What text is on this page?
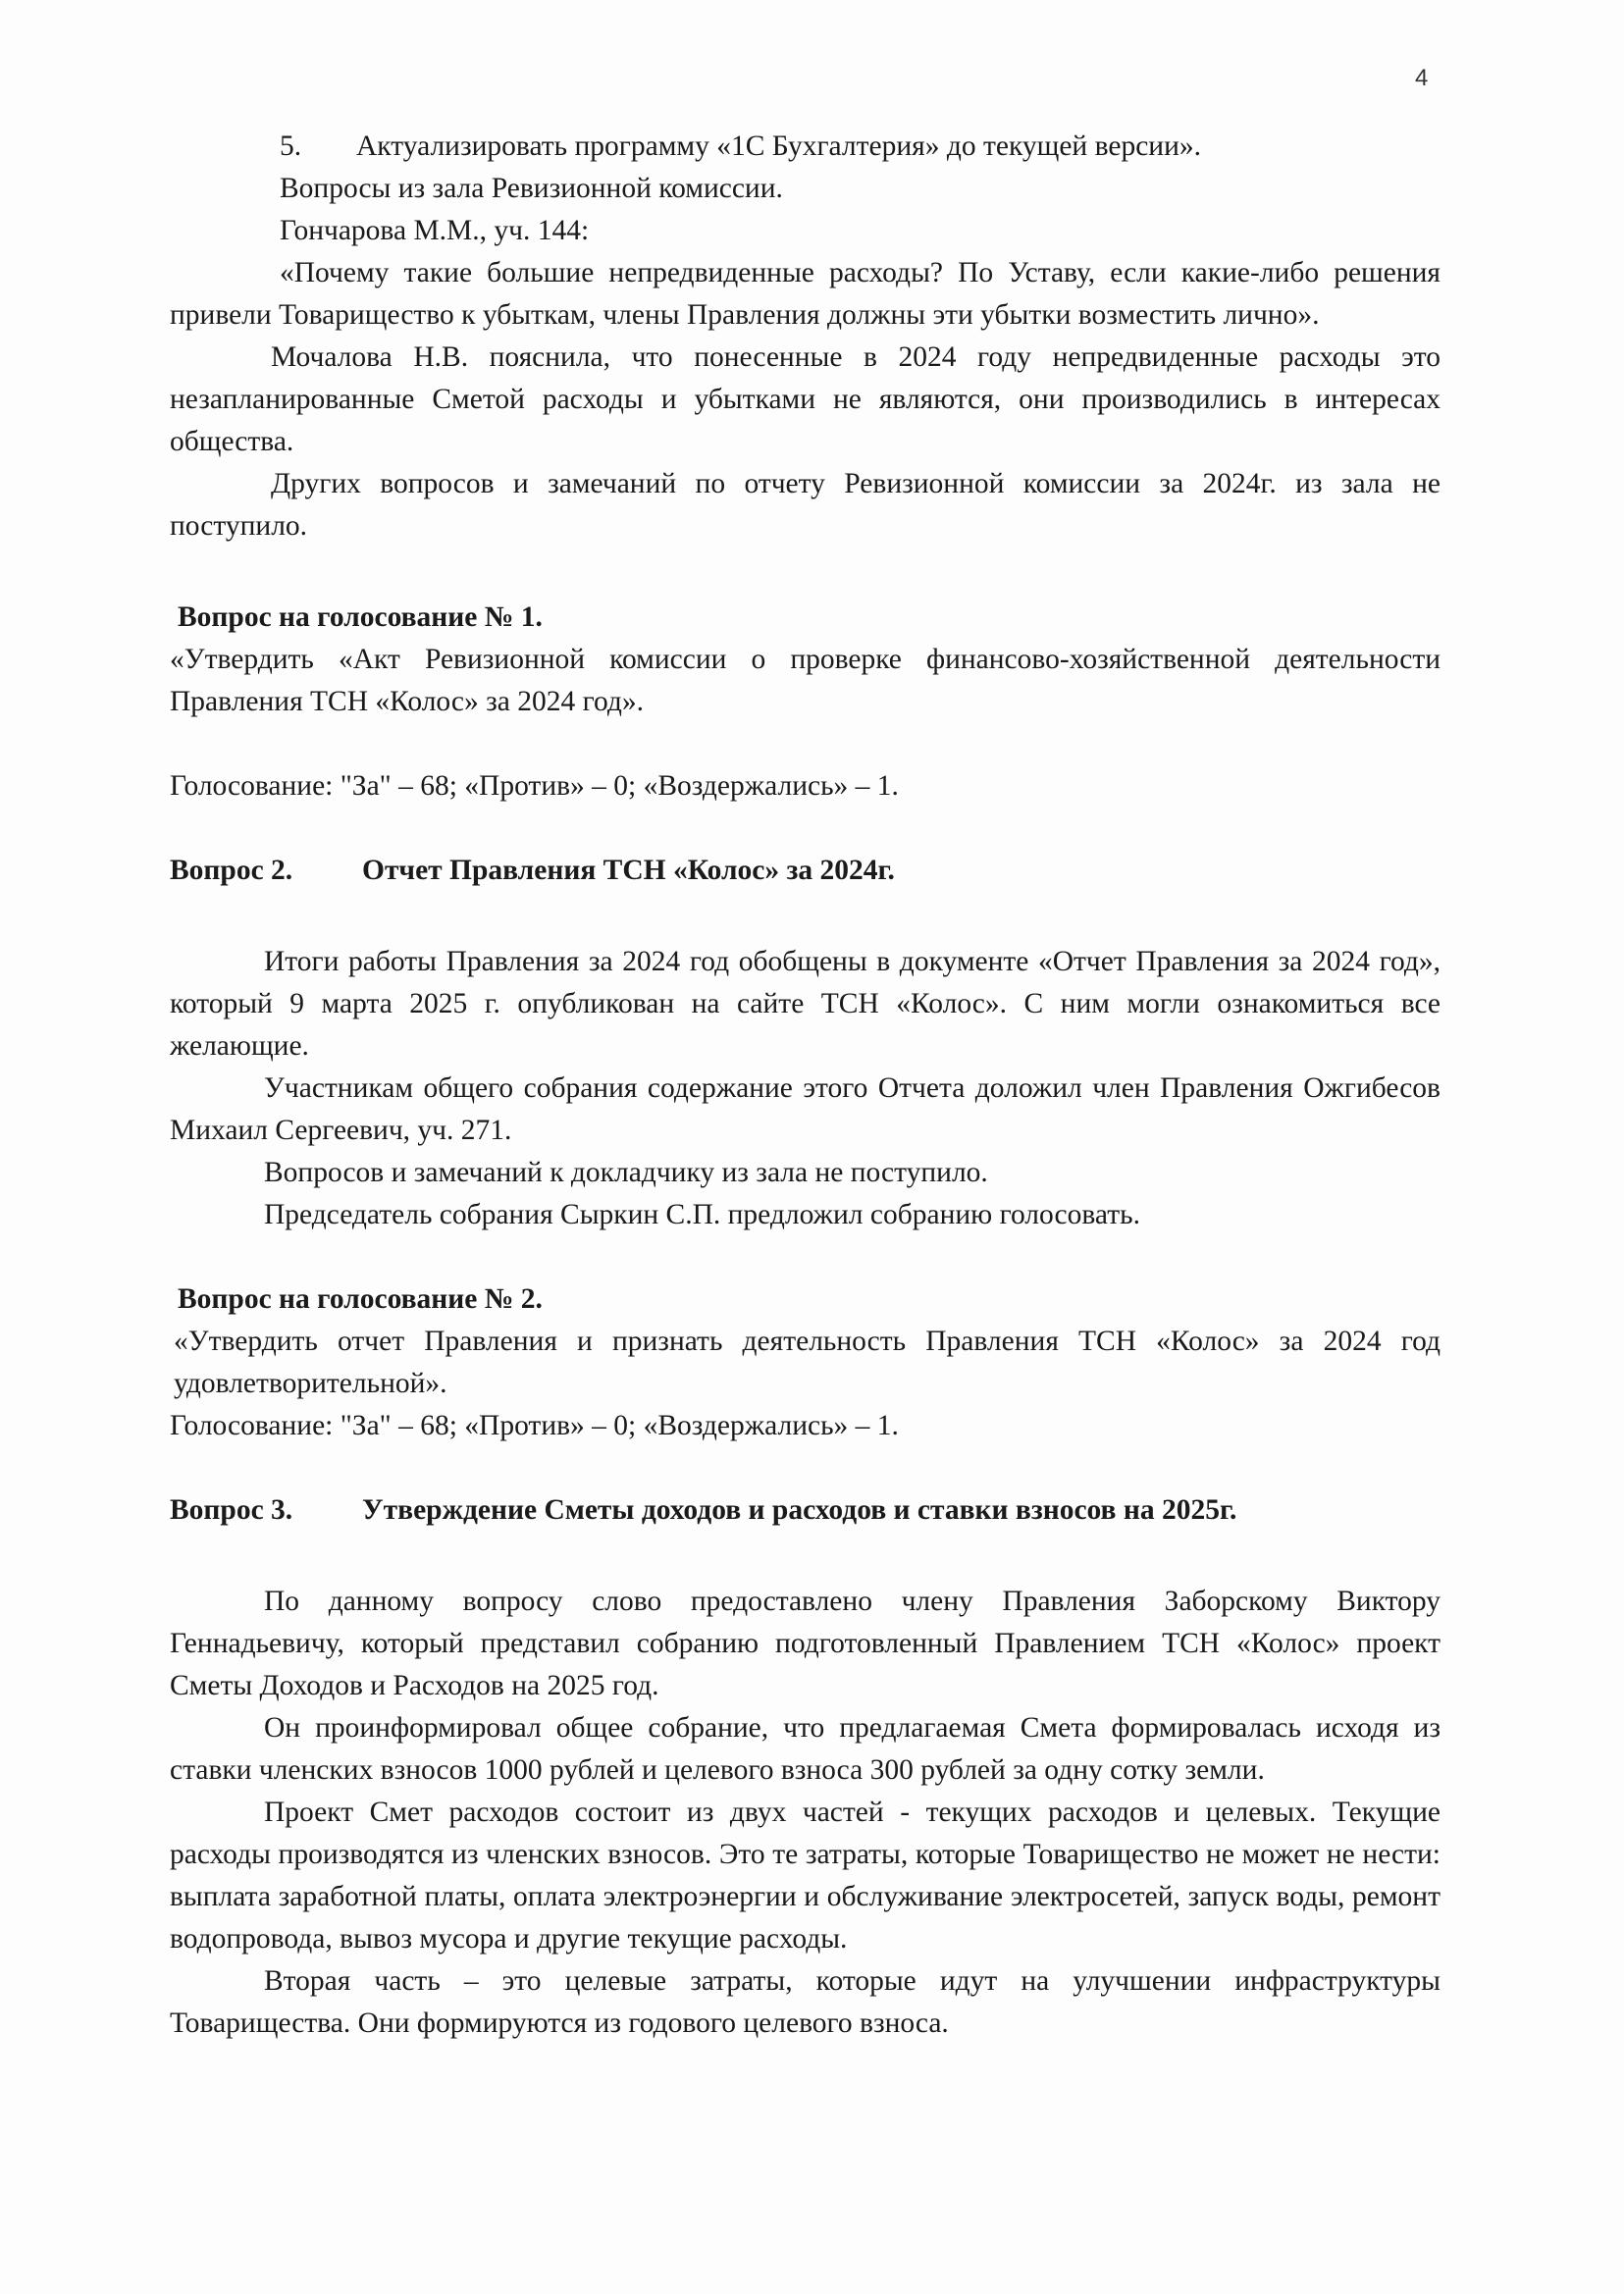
4

5. Актуализировать программу «1С Бухгалтерия» до текущей версии».

Вопросы из зала Ревизионной комиссии.

Гончарова М.М., уч. 144:

«Почему такие большие непредвиденные расходы? По Уставу, если какие-либо решения привели Товарищество к убыткам, члены Правления должны эти убытки возместить лично».

Мочалова Н.В. пояснила, что понесенные в 2024 году непредвиденные расходы это незапланированные Сметой расходы и убытками не являются, они производились в интересах общества.

Других вопросов и замечаний по отчету Ревизионной комиссии за 2024г. из зала не поступило.

Вопрос на голосование № 1.

«Утвердить «Акт Ревизионной комиссии о проверке финансово-хозяйственной деятельности Правления ТСН «Колос» за 2024 год».

Голосование: "За" – 68; «Против» – 0; «Воздержались» – 1.

Вопрос 2. Отчет Правления ТСН «Колос» за 2024г.

Итоги работы Правления за 2024 год обобщены в документе «Отчет Правления за 2024 год», который 9 марта 2025 г. опубликован на сайте ТСН «Колос». С ним могли ознакомиться все желающие.

Участникам общего собрания содержание этого Отчета доложил член Правления Ожгибесов Михаил Сергеевич, уч. 271.

Вопросов и замечаний к докладчику из зала не поступило.

Председатель собрания Сыркин С.П. предложил собранию голосовать.

Вопрос на голосование № 2.

«Утвердить отчет Правления и признать деятельность Правления ТСН «Колос» за 2024 год удовлетворительной».

Голосование: "За" – 68; «Против» – 0; «Воздержались» – 1.

Вопрос 3. Утверждение Сметы доходов и расходов и ставки взносов на 2025г.

По данному вопросу слово предоставлено члену Правления Заборскому Виктору Геннадьевичу, который представил собранию подготовленный Правлением ТСН «Колос» проект Сметы Доходов и Расходов на 2025 год.

Он проинформировал общее собрание, что предлагаемая Смета формировалась исходя из ставки членских взносов 1000 рублей и целевого взноса 300 рублей за одну сотку земли.

Проект Смет расходов состоит из двух частей - текущих расходов и целевых. Текущие расходы производятся из членских взносов. Это те затраты, которые Товарищество не может не нести: выплата заработной платы, оплата электроэнергии и обслуживание электросетей, запуск воды, ремонт водопровода, вывоз мусора и другие текущие расходы.

Вторая часть – это целевые затраты, которые идут на улучшении инфраструктуры Товарищества. Они формируются из годового целевого взноса.
